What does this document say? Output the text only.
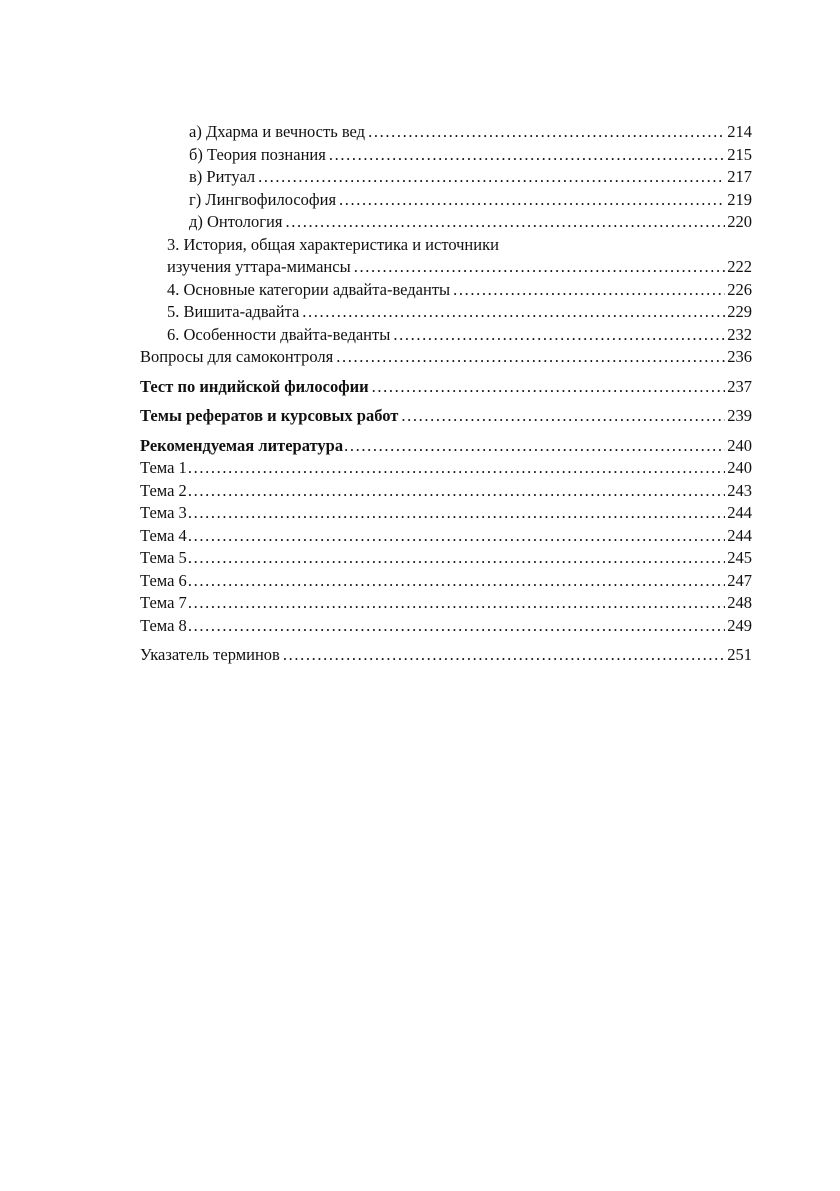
а) Дхарма и вечность вед . . .	214
б) Теория познания . . .	215
в) Ритуал . . .	217
г) Лингвофилософия . . .	219
д) Онтология . . .	220
3. История, общая характеристика и источники
изучения уттара-мимансы . . .	222
4. Основные категории адвайта-веданты . . .	226
5. Вишита-адвайта . . .	229
6. Особенности двайта-веданты . . .	232
Вопросы для самоконтроля . . .	236
Тест по индийской философии . . .	237
Темы рефератов и курсовых работ . . .	239
Рекомендуемая литература . . .	240
Тема 1 . . .	240
Тема 2 . . .	243
Тема 3 . . .	244
Тема 4 . . .	244
Тема 5 . . .	245
Тема 6 . . .	247
Тема 7 . . .	248
Тема 8 . . .	249
Указатель терминов . . .	251
